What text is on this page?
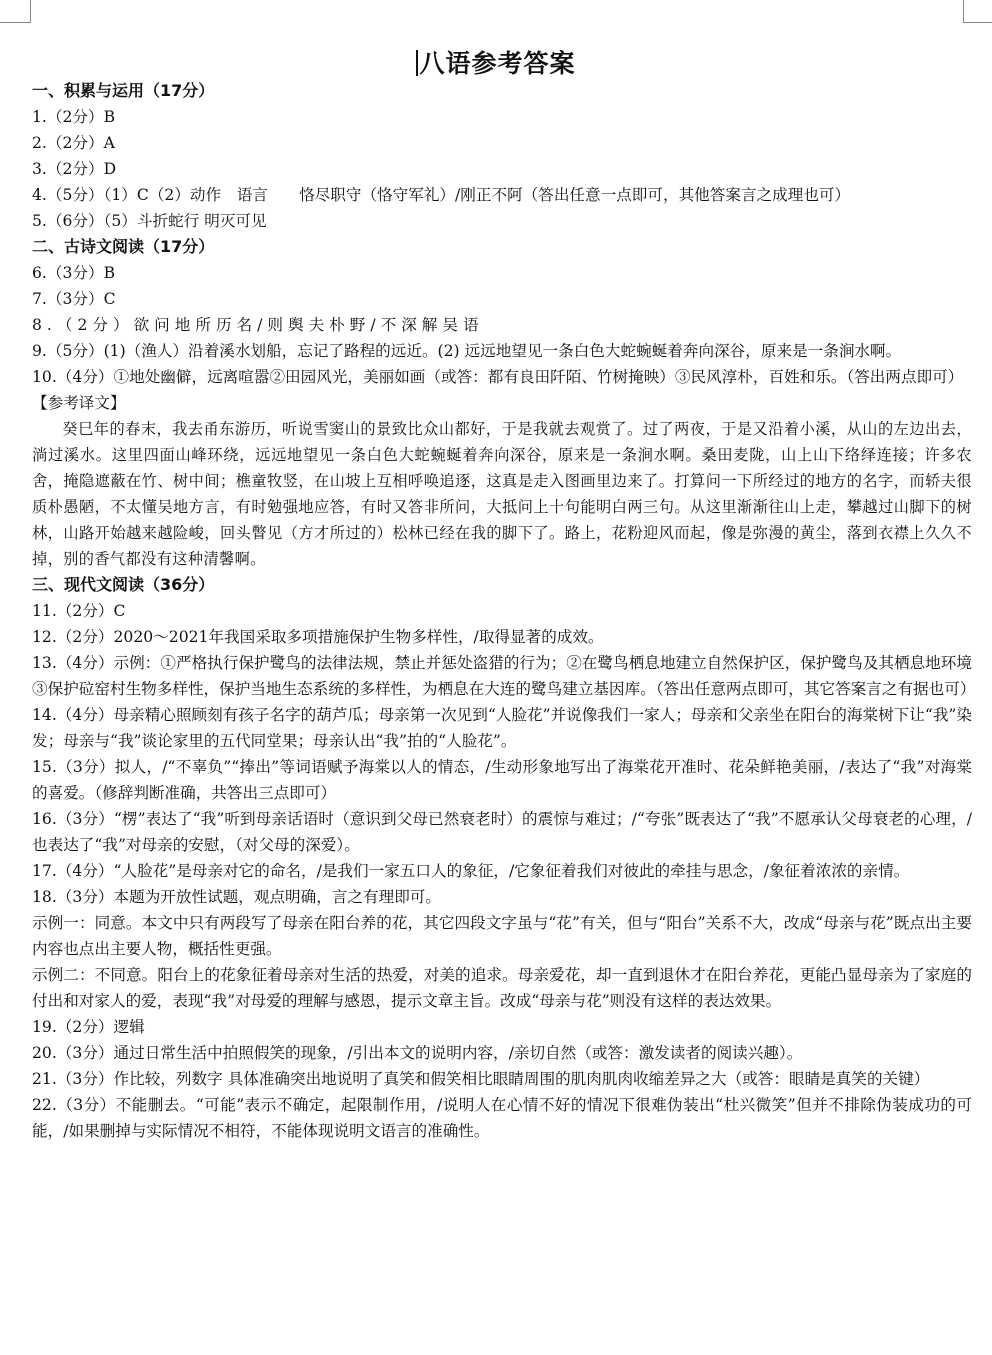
八语参考答案
一、积累与运用（17分）
1.（2分）B
2.（2分）A
3.（2分）D
4.（5分）（1）C（2）动作　语言　　恪尽职守（恪守军礼）/刚正不阿（答出任意一点即可，其他答案言之成理也可）
5.（6分）（5）斗折蛇行 明灭可见
二、古诗文阅读（17分）
6.（3分）B
7.（3分）C
8.（2分）欲问地所历名/则舆夫朴野/不深解吴语
9.（5分）(1)（渔人）沿着溪水划船，忘记了路程的远近。(2) 远远地望见一条白色大蛇蜿蜒着奔向深谷，原来是一条涧水啊。
10.（4分）①地处幽僻，远离喧嚣②田园风光，美丽如画（或答：都有良田阡陌、竹树掩映）③民风淳朴，百姓和乐。（答出两点即可）
【参考译文】
癸巳年的春末，我去甬东游历，听说雪窦山的景致比众山都好，于是我就去观赏了。过了两夜，于是又沿着小溪，从山的左边出去，淌过溪水。这里四面山峰环绕，远远地望见一条白色大蛇蜿蜒着奔向深谷，原来是一条涧水啊。桑田麦陇，山上山下络绎连接；许多农舍，掩隐遮蔽在竹、树中间；樵童牧竖，在山坡上互相呼唤追逐，这真是走入图画里边来了。打算问一下所经过的地方的名字，而轿夫很质朴愚陋，不太懂吴地方言，有时勉强地应答，有时又答非所问，大抵问上十句能明白两三句。从这里渐渐往山上走，攀越过山脚下的树林，山路开始越来越险峻，回头瞥见（方才所过的）松林已经在我的脚下了。路上，花粉迎风而起，像是弥漫的黄尘，落到衣襟上久久不掉，别的香气都没有这种清馨啊。
三、现代文阅读（36分）
11.（2分）C
12.（2分）2020～2021年我国采取多项措施保护生物多样性，/取得显著的成效。
13.（4分）示例：①严格执行保护鹭鸟的法律法规，禁止并惩处盗猎的行为；②在鹭鸟栖息地建立自然保护区，保护鹭鸟及其栖息地环境③保护砬窑村生物多样性，保护当地生态系统的多样性，为栖息在大连的鹭鸟建立基因库。（答出任意两点即可，其它答案言之有据也可）
14.（4分）母亲精心照顾刻有孩子名字的葫芦瓜；母亲第一次见到“人脸花”并说像我们一家人；母亲和父亲坐在阳台的海棠树下让“我”染发；母亲与“我”谈论家里的五代同堂果；母亲认出“我”拍的“人脸花”。
15.（3分）拟人，/“不辜负”“捧出”等词语赋予海棠以人的情态，/生动形象地写出了海棠花开准时、花朵鲜艳美丽，/表达了“我”对海棠的喜爱。（修辞判断准确，共答出三点即可）
16.（3分）“楞”表达了“我”听到母亲话语时（意识到父母已然衰老时）的震惊与难过；/“夸张”既表达了“我”不愿承认父母衰老的心理，/也表达了“我”对母亲的安慰，（对父母的深爱）。
17.（4分）“人脸花”是母亲对它的命名，/是我们一家五口人的象征，/它象征着我们对彼此的牵挂与思念，/象征着浓浓的亲情。
18.（3分）本题为开放性试题，观点明确，言之有理即可。
示例一：同意。本文中只有两段写了母亲在阳台养的花，其它四段文字虽与“花”有关，但与“阳台”关系不大，改成“母亲与花”既点出主要内容也点出主要人物，概括性更强。
示例二：不同意。阳台上的花象征着母亲对生活的热爱，对美的追求。母亲爱花，却一直到退休才在阳台养花，更能凸显母亲为了家庭的付出和对家人的爱，表现“我”对母爱的理解与感恩，提示文章主旨。改成“母亲与花”则没有这样的表达效果。
19.（2分）逻辑
20.（3分）通过日常生活中拍照假笑的现象，/引出本文的说明内容，/亲切自然（或答：激发读者的阅读兴趣）。
21.（3分）作比较，列数字 具体准确突出地说明了真笑和假笑相比眼睛周围的肌肉肌肉收缩差异之大（或答：眼睛是真笑的关键）
22.（3分）不能删去。“可能”表示不确定，起限制作用，/说明人在心情不好的情况下很难伪装出“杜兴微笑”但并不排除伪装成功的可能，/如果删掉与实际情况不相符，不能体现说明文语言的准确性。
